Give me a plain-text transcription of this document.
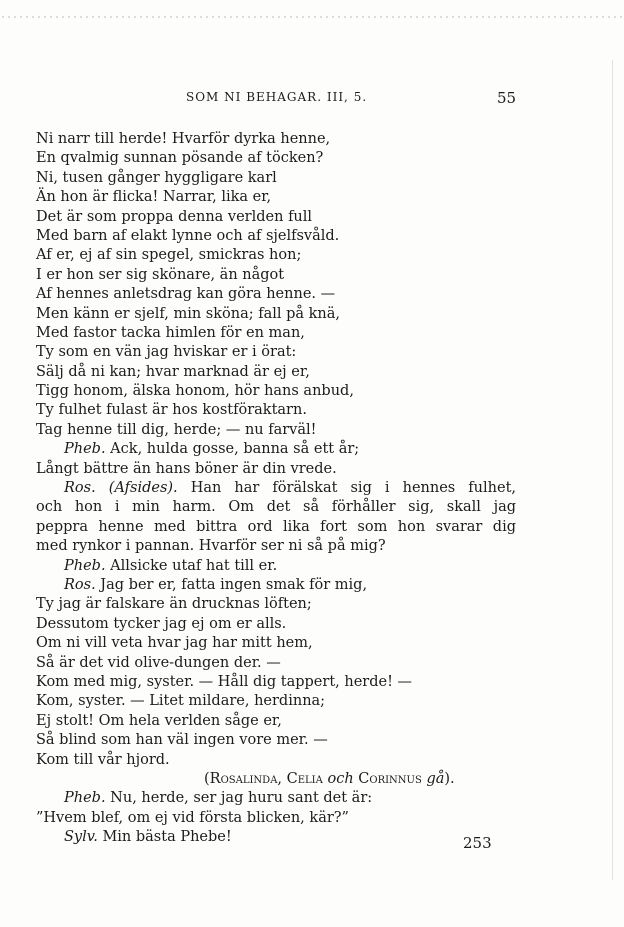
SOM NI BEHAGAR. III, 5.	55
Ni narr till herde! Hvarför dyrka henne,
En qvalmig sunnan pösande af töcken?
Ni, tusen gånger hyggligare karl
Än hon är flicka! Narrar, lika er,
Det är som proppa denna verlden full
Med barn af elakt lynne och af sjelfsvåld.
Af er, ej af sin spegel, smickras hon;
I er hon ser sig skönare, än något
Af hennes anletsdrag kan göra henne. —
Men känn er sjelf, min sköna; fall på knä,
Med fastor tacka himlen för en man,
Ty som en vän jag hviskar er i örat:
Sälj då ni kan; hvar marknad är ej er,
Tigg honom, älska honom, hör hans anbud,
Ty fulhet fulast är hos kostföraktarn.
Tag henne till dig, herde; — nu farväl!
Pheb. Ack, hulda gosse, banna så ett år;
Långt bättre än hans böner är din vrede.
Ros. (Afsides). Han har förälskat sig i hennes fulhet,
och hon i min harm. Om det så förhåller sig, skall jag
peppra henne med bittra ord lika fort som hon svarar dig
med rynkor i pannan. Hvarför ser ni så på mig?
Pheb. Allsicke utaf hat till er.
Ros. Jag ber er, fatta ingen smak för mig,
Ty jag är falskare än drucknas löften;
Dessutom tycker jag ej om er alls.
Om ni vill veta hvar jag har mitt hem,
Så är det vid olive-dungen der. —
Kom med mig, syster. — Håll dig tappert, herde! —
Kom, syster. — Litet mildare, herdinna;
Ej stolt! Om hela verlden såge er,
Så blind som han väl ingen vore mer. —
Kom till vår hjord.
(Rosalinda, Celia och Corinnus gå).
Pheb. Nu, herde, ser jag huru sant det är:
”Hvem blef, om ej vid första blicken, kär?”
Sylv. Min bästa Phebe!	253
